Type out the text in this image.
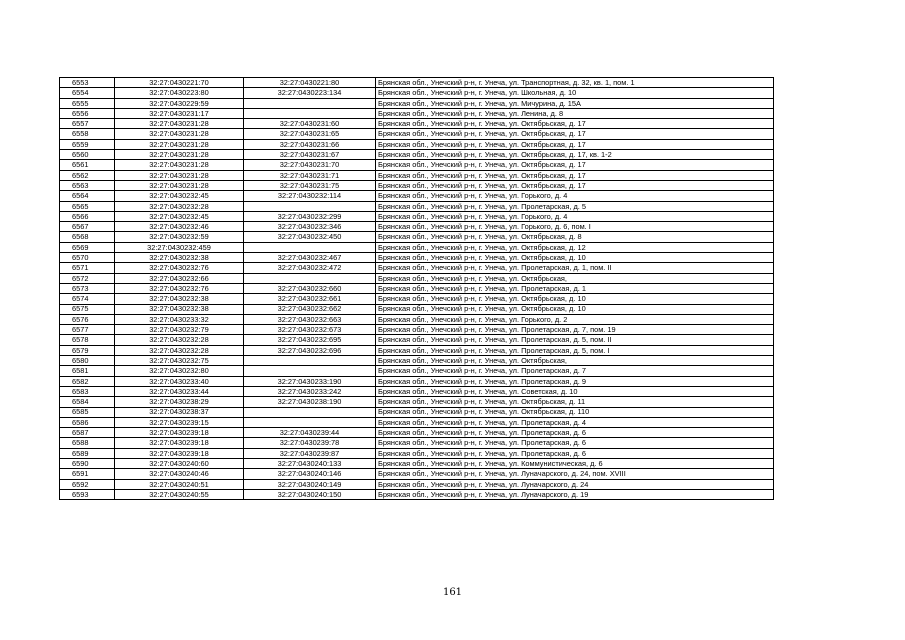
6553	32:27:0430221:70	32:27:0430221:80	Брянская обл., Унечский р-н, г. Унеча, ул. Транспортная, д. 32, кв. 1, пом. 1
6554	32:27:0430223:80	32:27:0430223:134	Брянская обл., Унечский р-н, г. Унеча, ул. Школьная, д. 10
6555	32:27:0430229:59		Брянская обл., Унечский р-н, г. Унеча, ул. Мичурина, д. 15А
6556	32:27:0430231:17		Брянская обл., Унечский р-н, г. Унеча, ул. Ленина, д. 8
6557	32:27:0430231:28	32:27:0430231:60	Брянская обл., Унечский р-н, г. Унеча, ул. Октябрьская, д. 17
6558	32:27:0430231:28	32:27:0430231:65	Брянская обл., Унечский р-н, г. Унеча, ул. Октябрьская, д. 17
6559	32:27:0430231:28	32:27:0430231:66	Брянская обл., Унечский р-н, г. Унеча, ул. Октябрьская, д. 17
6560	32:27:0430231:28	32:27:0430231:67	Брянская обл., Унечский р-н, г. Унеча, ул. Октябрьская, д. 17, кв. 1-2
6561	32:27:0430231:28	32:27:0430231:70	Брянская обл., Унечский р-н, г. Унеча, ул. Октябрьская, д. 17
6562	32:27:0430231:28	32:27:0430231:71	Брянская обл., Унечский р-н, г. Унеча, ул. Октябрьская, д. 17
6563	32:27:0430231:28	32:27:0430231:75	Брянская обл., Унечский р-н, г. Унеча, ул. Октябрьская, д. 17
6564	32:27:0430232:45	32:27:0430232:114	Брянская обл., Унечский р-н, г. Унеча, ул. Горького, д. 4
6565	32:27:0430232:28		Брянская обл., Унечский р-н, г. Унеча, ул. Пролетарская, д. 5
6566	32:27:0430232:45	32:27:0430232:299	Брянская обл., Унечский р-н, г. Унеча, ул. Горького, д. 4
6567	32:27:0430232:46	32:27:0430232:346	Брянская обл., Унечский р-н, г. Унеча, ул. Горького, д. 6, пом. I
6568	32:27:0430232:59	32:27:0430232:450	Брянская обл., Унечский р-н, г. Унеча, ул. Октябрьская, д. 8
6569	32:27:0430232:459		Брянская обл., Унечский р-н, г. Унеча, ул. Октябрьская, д. 12
6570	32:27:0430232:38	32:27:0430232:467	Брянская обл., Унечский р-н, г. Унеча, ул. Октябрьская, д. 10
6571	32:27:0430232:76	32:27:0430232:472	Брянская обл., Унечский р-н, г. Унеча, ул. Пролетарская, д. 1, пом. II
6572	32:27:0430232:66		Брянская обл., Унечский р-н, г. Унеча, ул. Октябрьская,
6573	32:27:0430232:76	32:27:0430232:660	Брянская обл., Унечский р-н, г. Унеча, ул. Пролетарская, д. 1
6574	32:27:0430232:38	32:27:0430232:661	Брянская обл., Унечский р-н, г. Унеча, ул. Октябрьская, д. 10
6575	32:27:0430232:38	32:27:0430232:662	Брянская обл., Унечский р-н, г. Унеча, ул. Октябрьская, д. 10
6576	32:27:0430233:32	32:27:0430232:663	Брянская обл., Унечский р-н, г. Унеча, ул. Горького, д. 2
6577	32:27:0430232:79	32:27:0430232:673	Брянская обл., Унечский р-н, г. Унеча, ул. Пролетарская, д. 7, пом. 19
6578	32:27:0430232:28	32:27:0430232:695	Брянская обл., Унечский р-н, г. Унеча, ул. Пролетарская, д. 5, пом. II
6579	32:27:0430232:28	32:27:0430232:696	Брянская обл., Унечский р-н, г. Унеча, ул. Пролетарская, д. 5, пом. I
6580	32:27:0430232:75		Брянская обл., Унечский р-н, г. Унеча, ул. Октябрьская,
6581	32:27:0430232:80		Брянская обл., Унечский р-н, г. Унеча, ул. Пролетарская, д. 7
6582	32:27:0430233:40	32:27:0430233:190	Брянская обл., Унечский р-н, г. Унеча, ул. Пролетарская, д. 9
6583	32:27:0430233:44	32:27:0430233:242	Брянская обл., Унечский р-н, г. Унеча, ул. Советская, д. 10
6584	32:27:0430238:29	32:27:0430238:190	Брянская обл., Унечский р-н, г. Унеча, ул. Октябрьская, д. 11
6585	32:27:0430238:37		Брянская обл., Унечский р-н, г. Унеча, ул. Октябрьская, д. 110
6586	32:27:0430239:15		Брянская обл., Унечский р-н, г. Унеча, ул. Пролетарская, д. 4
6587	32:27:0430239:18	32:27:0430239:44	Брянская обл., Унечский р-н, г. Унеча, ул. Пролетарская, д. 6
6588	32:27:0430239:18	32:27:0430239:78	Брянская обл., Унечский р-н, г. Унеча, ул. Пролетарская, д. 6
6589	32:27:0430239:18	32:27:0430239:87	Брянская обл., Унечский р-н, г. Унеча, ул. Пролетарская, д. 6
6590	32:27:0430240:60	32:27:0430240:133	Брянская обл., Унечский р-н, г. Унеча, ул. Коммунистическая, д. 6
6591	32:27:0430240:46	32:27:0430240:146	Брянская обл., Унечский р-н, г. Унеча, ул. Луначарского, д. 24, пом. XVIII
6592	32:27:0430240:51	32:27:0430240:149	Брянская обл., Унечский р-н, г. Унеча, ул. Луначарского, д. 24
6593	32:27:0430240:55	32:27:0430240:150	Брянская обл., Унечский р-н, г. Унеча, ул. Луначарского, д. 19
161
